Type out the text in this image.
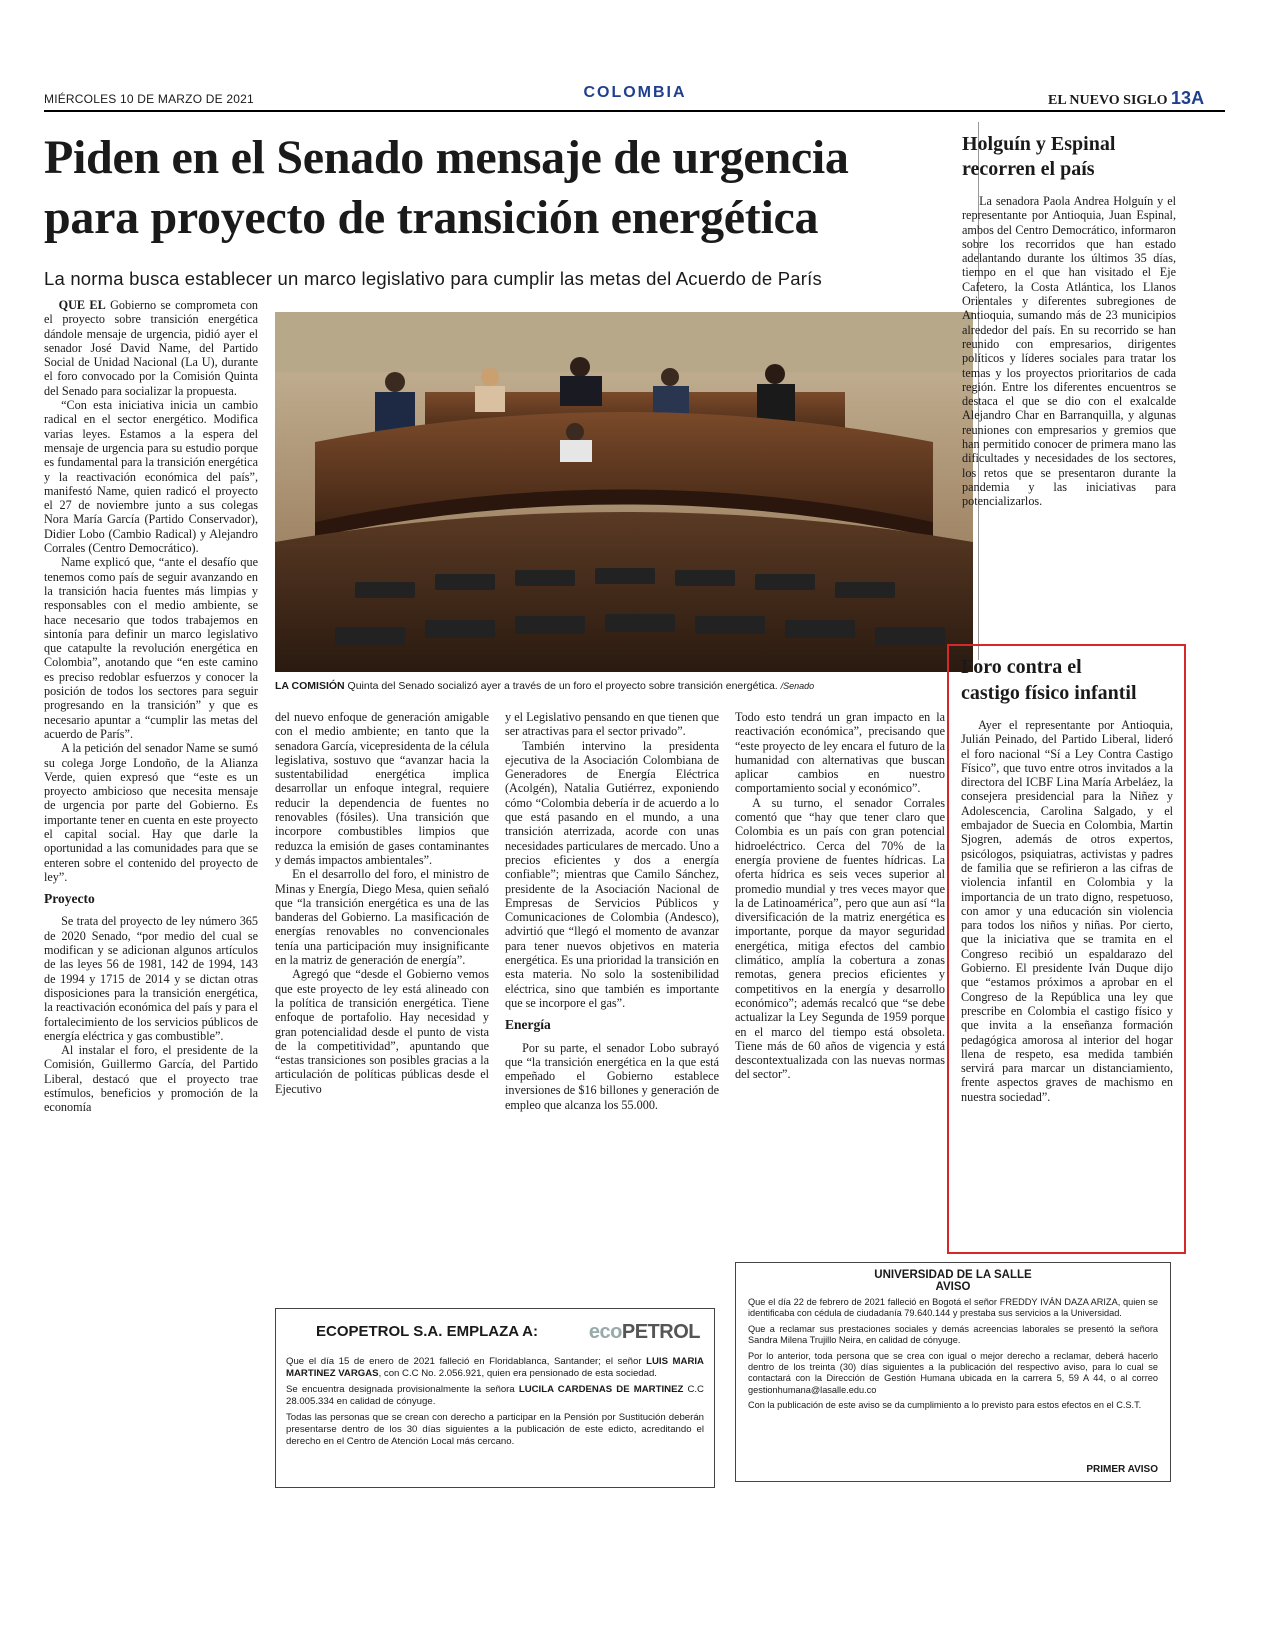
MIÉRCOLES 10 DE MARZO DE 2021	COLOMBIA	EL NUEVO SIGLO 13A
Piden en el Senado mensaje de urgencia
para proyecto de transición energética
La norma busca establecer un marco legislativo para cumplir las metas del Acuerdo de París
LA COMISIÓN Quinta del Senado socializó ayer a través de un foro el proyecto sobre transición energética. /Senado

QUE EL Gobierno se comprometa con el proyecto sobre transición energética dándole mensaje de urgencia, pidió ayer el senador José David Name, del Partido Social de Unidad Nacional (La U), durante el foro convocado por la Comisión Quinta del Senado para socializar la propuesta.

“Con esta iniciativa inicia un cambio radical en el sector energético. Modifica varias leyes. Estamos a la espera del mensaje de urgencia para su estudio porque es fundamental para la transición energética y la reactivación económica del país”, manifestó Name, quien radicó el proyecto el 27 de noviembre junto a sus colegas Nora María García (Partido Conservador), Didier Lobo (Cambio Radical) y Alejandro Corrales (Centro Democrático).

Name explicó que, “ante el desafío que tenemos como país de seguir avanzando en la transición hacia fuentes más limpias y responsables con el medio ambiente, se hace necesario que todos trabajemos en sintonía para definir un marco legislativo que catapulte la revolución energética en Colombia”, anotando que “en este camino es preciso redoblar esfuerzos y conocer la posición de todos los sectores para seguir progresando en la transición” y que es necesario apuntar a “cumplir las metas del acuerdo de París”.

A la petición del senador Name se sumó su colega Jorge Londoño, de la Alianza Verde, quien expresó que “este es un proyecto ambicioso que necesita mensaje de urgencia por parte del Gobierno. Es importante tener en cuenta en este proyecto el capital social. Hay que darle la oportunidad a las comunidades para que se enteren sobre el contenido del proyecto de ley”.

Proyecto

Se trata del proyecto de ley número 365 de 2020 Senado, “por medio del cual se modifican y se adicionan algunos artículos de las leyes 56 de 1981, 142 de 1994, 143 de 1994 y 1715 de 2014 y se dictan otras disposiciones para la transición energética, la reactivación económica del país y para el fortalecimiento de los servicios públicos de energía eléctrica y gas combustible”.

Al instalar el foro, el presidente de la Comisión, Guillermo García, del Partido Liberal, destacó que el proyecto trae estímulos, beneficios y promoción de la economía

del nuevo enfoque de generación amigable con el medio ambiente; en tanto que la senadora García, vicepresidenta de la célula legislativa, sostuvo que “avanzar hacia la sustentabilidad energética implica desarrollar un enfoque integral, requiere reducir la dependencia de fuentes no renovables (fósiles). Una transición que incorpore combustibles limpios que reduzca la emisión de gases contaminantes y demás impactos ambientales”.

En el desarrollo del foro, el ministro de Minas y Energía, Diego Mesa, quien señaló que “la transición energética es una de las banderas del Gobierno. La masificación de energías renovables no convencionales tenía una participación muy insignificante en la matriz de generación de energía”.

Agregó que “desde el Gobierno vemos que este proyecto de ley está alineado con la política de transición energética. Tiene enfoque de portafolio. Hay necesidad y gran potencialidad desde el punto de vista de la competitividad”, apuntando que “estas transiciones son posibles gracias a la articulación de políticas públicas desde el Ejecutivo

y el Legislativo pensando en que tienen que ser atractivas para el sector privado”.

También intervino la presidenta ejecutiva de la Asociación Colombiana de Generadores de Energía Eléctrica (Acolgén), Natalia Gutiérrez, exponiendo cómo “Colombia debería ir de acuerdo a lo que está pasando en el mundo, a una transición aterrizada, acorde con unas necesidades particulares de mercado. Uno a precios eficientes y dos a energía confiable”; mientras que Camilo Sánchez, presidente de la Asociación Nacional de Empresas de Servicios Públicos y Comunicaciones de Colombia (Andesco), advirtió que “llegó el momento de avanzar para tener nuevos objetivos en materia energética. Es una prioridad la transición en esta materia. No solo la sostenibilidad eléctrica, sino que también es importante que se incorpore el gas”.

Energía

Por su parte, el senador Lobo subrayó que “la transición energética en la que está empeñado el Gobierno establece inversiones de $16 billones y generación de empleo que alcanza los 55.000.

Todo esto tendrá un gran impacto en la reactivación económica”, precisando que “este proyecto de ley encara el futuro de la humanidad con alternativas que buscan aplicar cambios en nuestro comportamiento social y económico”.

A su turno, el senador Corrales comentó que “hay que tener claro que Colombia es un país con gran potencial hidroeléctrico. Cerca del 70% de la energía proviene de fuentes hídricas. La oferta hídrica es seis veces superior al promedio mundial y tres veces mayor que la de Latinoamérica”, pero que aun así “la diversificación de la matriz energética es importante, porque da mayor seguridad energética, mitiga efectos del cambio climático, amplía la cobertura a zonas remotas, genera precios eficientes y competitivos en la energía y desarrollo económico”; además recalcó que “se debe actualizar la Ley Segunda de 1959 porque en el marco del tiempo está obsoleta. Tiene más de 60 años de vigencia y está descontextualizada con las nuevas normas del sector”.

Holguín y Espinal
recorren el país

La senadora Paola Andrea Holguín y el representante por Antioquia, Juan Espinal, ambos del Centro Democrático, informaron sobre los recorridos que han estado adelantando durante los últimos 35 días, tiempo en el que han visitado el Eje Cafetero, la Costa Atlántica, los Llanos Orientales y diferentes subregiones de Antioquia, sumando más de 23 municipios alrededor del país. En su recorrido se han reunido con empresarios, dirigentes políticos y líderes sociales para tratar los temas y los proyectos prioritarios de cada región. Entre los diferentes encuentros se destaca el que se dio con el exalcalde Alejandro Char en Barranquilla, y algunas reuniones con empresarios y gremios que han permitido conocer de primera mano las dificultades y necesidades de los sectores, los retos que se presentaron durante la pandemia y las iniciativas para potencializarlos.

Foro contra el
castigo físico infantil

Ayer el representante por Antioquia, Julián Peinado, del Partido Liberal, lideró el foro nacional “Sí a Ley Contra Castigo Físico”, que tuvo entre otros invitados a la directora del ICBF Lina María Arbeláez, la consejera presidencial para la Niñez y Adolescencia, Carolina Salgado, y el embajador de Suecia en Colombia, Martin Sjogren, además de otros expertos, psicólogos, psiquiatras, activistas y padres de familia que se refirieron a las cifras de violencia infantil en Colombia y la importancia de un trato digno, respetuoso, con amor y una educación sin violencia para todos los niños y niñas. Por cierto, que la iniciativa que se tramita en el Congreso recibió un espaldarazo del Gobierno. El presidente Iván Duque dijo que “estamos próximos a aprobar en el Congreso de la República una ley que prescribe en Colombia el castigo físico y que invita a la enseñanza formación pedagógica amorosa al interior del hogar llena de respeto, esa medida también servirá para marcar un distanciamiento, frente aspectos graves de machismo en nuestra sociedad”.

ECOPETROL S.A. EMPLAZA A:	ecoPETROL

Que el día 15 de enero de 2021 falleció en Floridablanca, Santander; el señor LUIS MARIA MARTINEZ VARGAS, con C.C No. 2.056.921, quien era pensionado de esta sociedad.

Se encuentra designada provisionalmente la señora LUCILA CARDENAS DE MARTINEZ C.C 28.005.334 en calidad de cónyuge.

Todas las personas que se crean con derecho a participar en la Pensión por Sustitución deberán presentarse dentro de los 30 días siguientes a la publicación de este edicto, acreditando el derecho en el Centro de Atención Local más cercano.

UNIVERSIDAD DE LA SALLE
AVISO

Que el día 22 de febrero de 2021 falleció en Bogotá el señor FREDDY IVÁN DAZA ARIZA, quien se identificaba con cédula de ciudadanía 79.640.144 y prestaba sus servicios a la Universidad.

Que a reclamar sus prestaciones sociales y demás acreencias laborales se presentó la señora Sandra Milena Trujillo Neira, en calidad de cónyuge.

Por lo anterior, toda persona que se crea con igual o mejor derecho a reclamar, deberá hacerlo dentro de los treinta (30) días siguientes a la publicación del respectivo aviso, para lo cual se contactará con la Dirección de Gestión Humana ubicada en la carrera 5, 59 A 44, o al correo gestionhumana@lasalle.edu.co

Con la publicación de este aviso se da cumplimiento a lo previsto para estos efectos en el C.S.T.

PRIMER AVISO
